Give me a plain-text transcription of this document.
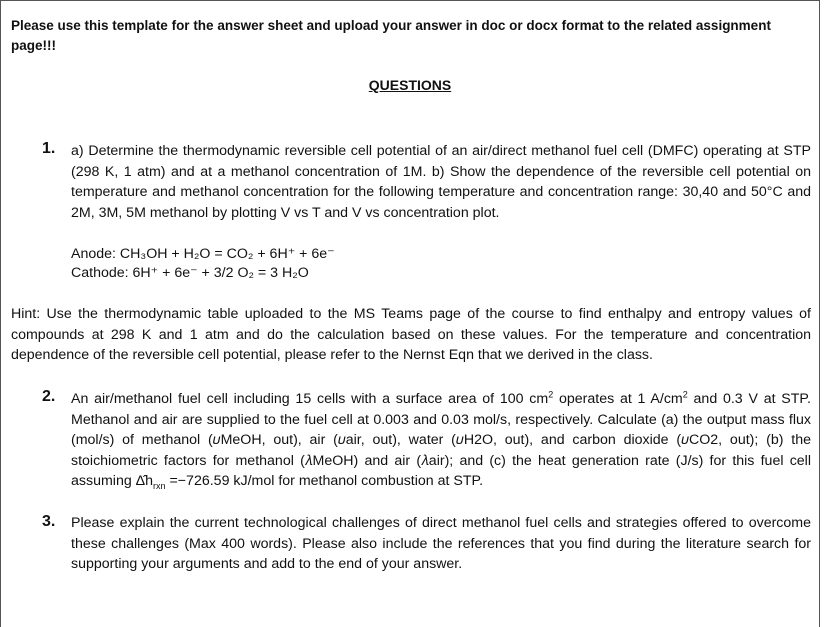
Please use this template for the answer sheet and upload your answer in doc or docx format to the related assignment page!!!
QUESTIONS
1. a) Determine the thermodynamic reversible cell potential of an air/direct methanol fuel cell (DMFC) operating at STP (298 K, 1 atm) and at a methanol concentration of 1M. b) Show the dependence of the reversible cell potential on temperature and methanol concentration for the following temperature and concentration range: 30,40 and 50°C and 2M, 3M, 5M methanol by plotting V vs T and V vs concentration plot.
Anode: CH₃OH + H₂O = CO₂ + 6H⁺ + 6e⁻
Cathode: 6H⁺ + 6e⁻ + 3/2 O₂ = 3 H₂O
Hint: Use the thermodynamic table uploaded to the MS Teams page of the course to find enthalpy and entropy values of compounds at 298 K and 1 atm and do the calculation based on these values. For the temperature and concentration dependence of the reversible cell potential, please refer to the Nernst Eqn that we derived in the class.
2. An air/methanol fuel cell including 15 cells with a surface area of 100 $cm^2$ operates at 1 $A/cm^2$ and 0.3 V at STP. Methanol and air are supplied to the fuel cell at 0.003 and 0.03 mol/s, respectively. Calculate (a) the output mass flux (mol/s) of methanol (𝜐MeOH, out), air (𝜐air, out), water (𝜐H2O, out), and carbon dioxide (𝜐CO2, out); (b) the stoichiometric factors for methanol (𝜆MeOH) and air (𝜆air); and (c) the heat generation rate (J/s) for this fuel cell assuming $\Deltâh_{rxn} =-726.59$ kJ/mol for methanol combustion at STP.
3. Please explain the current technological challenges of direct methanol fuel cells and strategies offered to overcome these challenges (Max 400 words). Please also include the references that you find during the literature search for supporting your arguments and add to the end of your answer.
